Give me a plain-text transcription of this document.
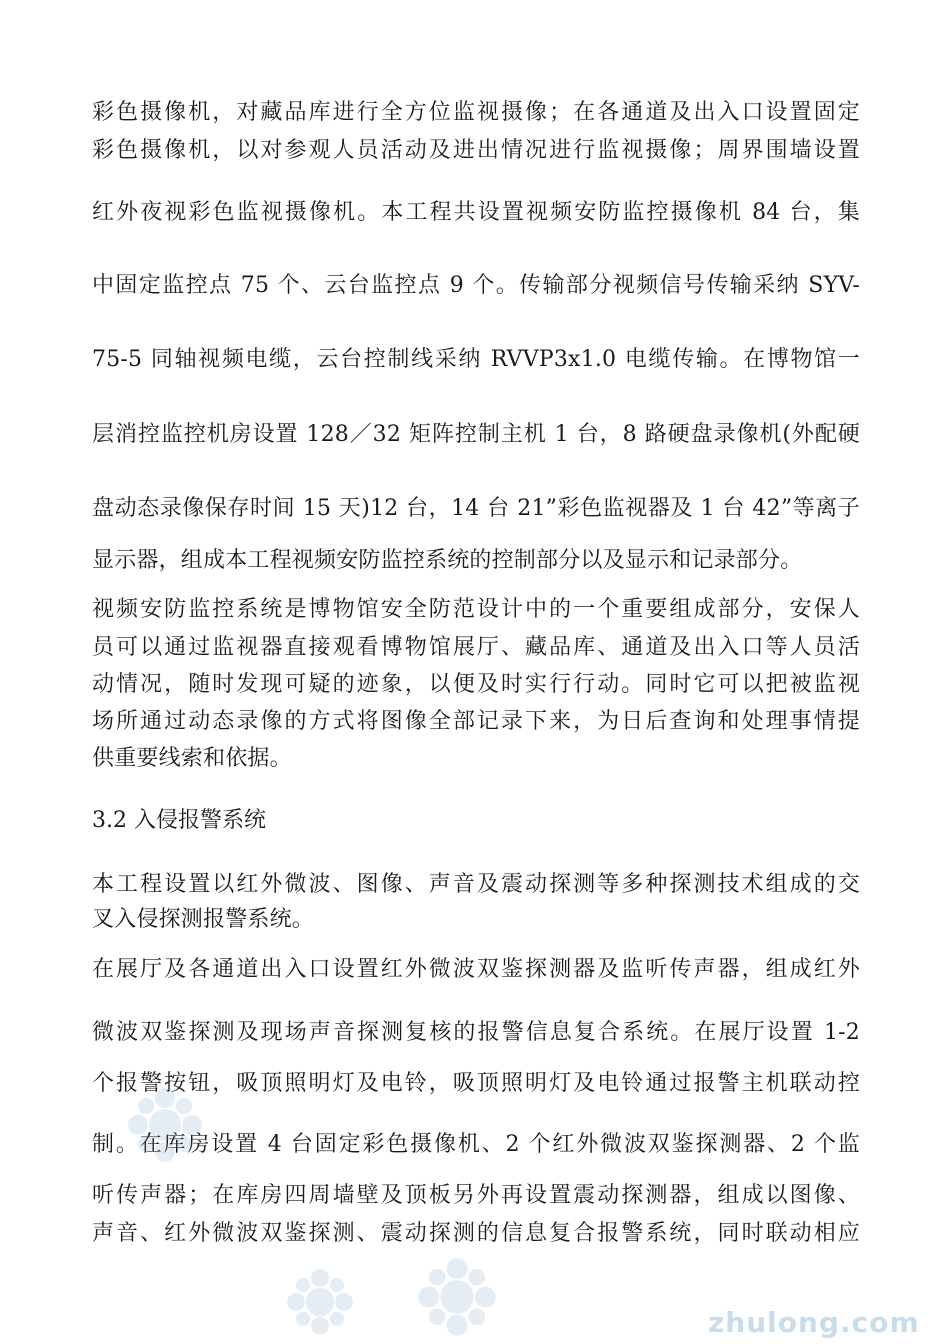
彩色摄像机，对藏品库进行全方位监视摄像；在各通道及出入口设置固定
彩色摄像机，以对参观人员活动及进出情况进行监视摄像；周界围墙设置
红外夜视彩色监视摄像机。本工程共设置视频安防监控摄像机 84 台，集
中固定监控点 75 个、云台监控点 9 个。传输部分视频信号传输采纳 SYV-
75-5 同轴视频电缆，云台控制线采纳 RVVP3x1.0 电缆传输。在博物馆一
层消控监控机房设置 128／32 矩阵控制主机 1 台，8 路硬盘录像机(外配硬
盘动态录像保存时间 15 天)12 台，14 台 21”彩色监视器及 1 台 42”等离子
显示器，组成本工程视频安防监控系统的控制部分以及显示和记录部分。
视频安防监控系统是博物馆安全防范设计中的一个重要组成部分，安保人
员可以通过监视器直接观看博物馆展厅、藏品库、通道及出入口等人员活
动情况，随时发现可疑的迹象，以便及时实行行动。同时它可以把被监视
场所通过动态录像的方式将图像全部记录下来，为日后查询和处理事情提
供重要线索和依据。
3.2 入侵报警系统
本工程设置以红外微波、图像、声音及震动探测等多种探测技术组成的交
叉入侵探测报警系统。
在展厅及各通道出入口设置红外微波双鉴探测器及监听传声器，组成红外
微波双鉴探测及现场声音探测复核的报警信息复合系统。在展厅设置 1-2
个报警按钮，吸顶照明灯及电铃，吸顶照明灯及电铃通过报警主机联动控
制。在库房设置 4 台固定彩色摄像机、2 个红外微波双鉴探测器、2 个监
听传声器；在库房四周墙壁及顶板另外再设置震动探测器，组成以图像、
声音、红外微波双鉴探测、震动探测的信息复合报警系统，同时联动相应
zhulong.com
